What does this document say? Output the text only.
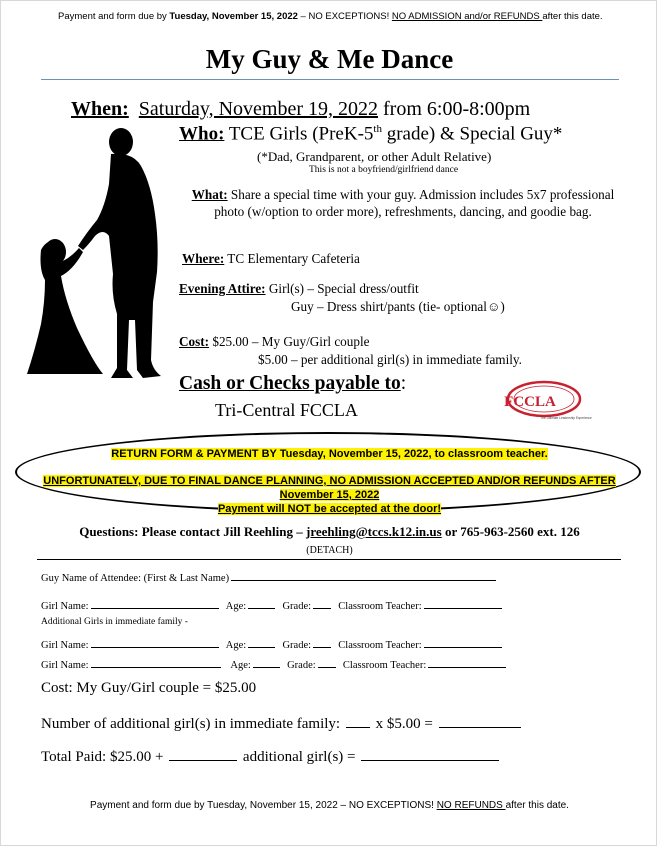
Payment and form due by Tuesday, November 15, 2022 – NO EXCEPTIONS! NO ADMISSION and/or REFUNDS after this date.
My Guy & Me Dance
When: Saturday, November 19, 2022 from 6:00-8:00pm
Who: TCE Girls (PreK-5th grade) & Special Guy*
(*Dad, Grandparent, or other Adult Relative)
This is not a boyfriend/girlfriend dance
What: Share a special time with your guy. Admission includes 5x7 professional photo (w/option to order more), refreshments, dancing, and goodie bag.
Where: TC Elementary Cafeteria
Evening Attire: Girl(s) – Special dress/outfit
Guy – Dress shirt/pants (tie- optional☺)
Cost: $25.00 – My Guy/Girl couple
$5.00 – per additional girl(s) in immediate family.
Cash or Checks payable to:
Tri-Central FCCLA	FCCLA
The Ultimate Leadership Experience
RETURN FORM & PAYMENT BY Tuesday, November 15, 2022, to classroom teacher.
UNFORTUNATELY, DUE TO FINAL DANCE PLANNING, NO ADMISSION ACCEPTED AND/OR REFUNDS AFTER
November 15, 2022
Payment will NOT be accepted at the door!
Questions: Please contact Jill Reehling – jreehling@tccs.k12.in.us or 765-963-2560 ext. 126
(DETACH)
Guy Name of Attendee: (First & Last Name)
Girl Name:	Age:	Grade:	Classroom Teacher:
Additional Girls in immediate family -
Girl Name:	Age:	Grade:	Classroom Teacher:
Girl Name:	Age:	Grade:	Classroom Teacher:
Cost: My Guy/Girl couple = $25.00
Number of additional girl(s) in immediate family:  x $5.00 =
Total Paid: $25.00 +	additional girl(s) =
Payment and form due by Tuesday, November 15, 2022 – NO EXCEPTIONS! NO REFUNDS after this date.
